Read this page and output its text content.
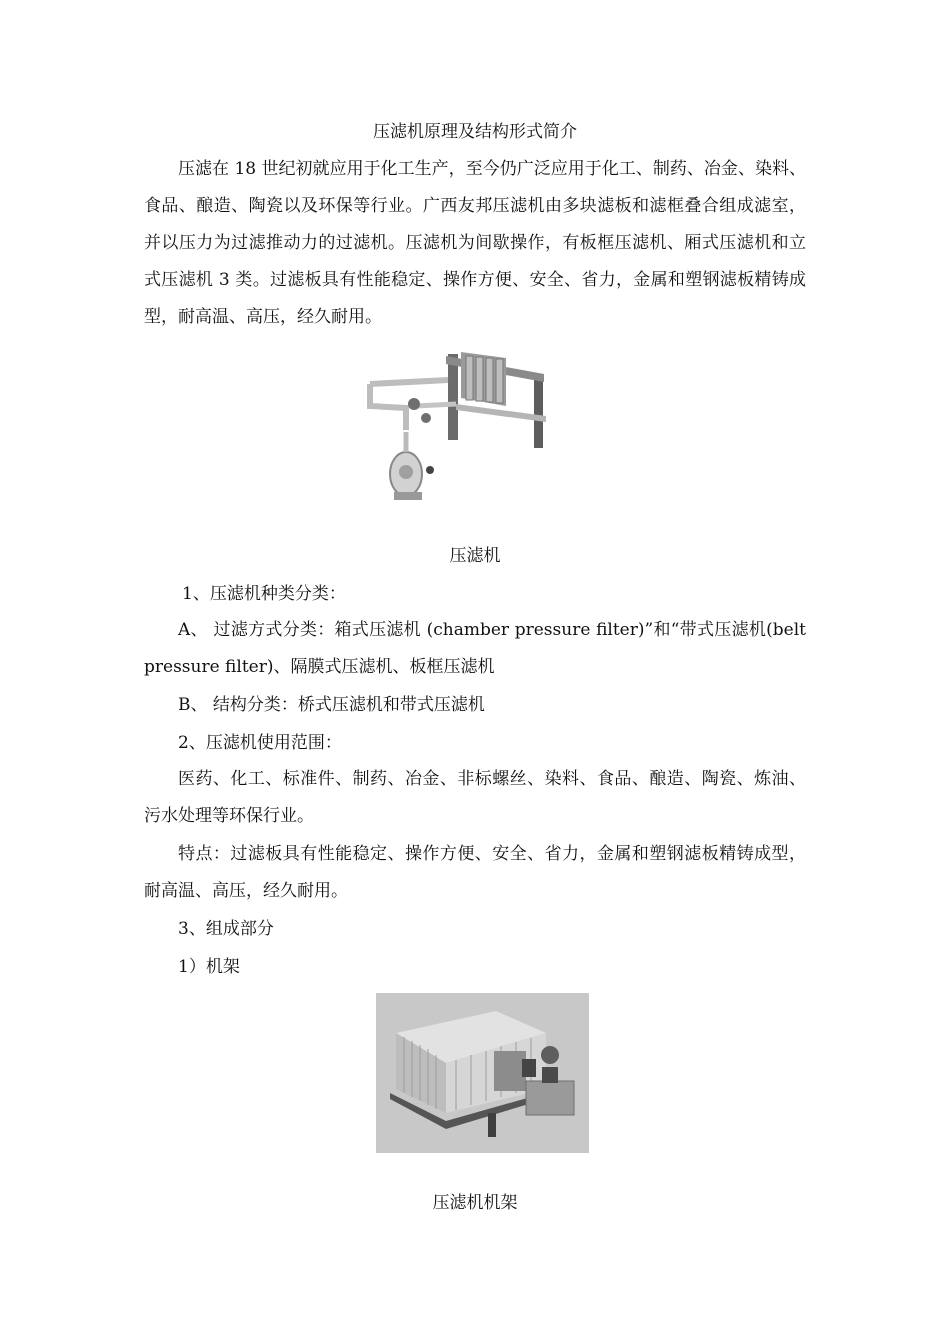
压滤机原理及结构形式简介

压滤在 18 世纪初就应用于化工生产，至今仍广泛应用于化工、制药、冶金、染料、食品、酿造、陶瓷以及环保等行业。广西友邦压滤机由多块滤板和滤框叠合组成滤室，并以压力为过滤推动力的过滤机。压滤机为间歇操作，有板框压滤机、厢式压滤机和立式压滤机 3 类。过滤板具有性能稳定、操作方便、安全、省力，金属和塑钢滤板精铸成型，耐高温、高压，经久耐用。

压滤机
1、压滤机种类分类：

A、 过滤方式分类：箱式压滤机 (chamber pressure filter)”和“带式压滤机(belt pressure filter)、隔膜式压滤机、板框压滤机

B、 结构分类：桥式压滤机和带式压滤机
2、压滤机使用范围：

医药、化工、标准件、制药、冶金、非标螺丝、染料、食品、酿造、陶瓷、炼油、污水处理等环保行业。

特点：过滤板具有性能稳定、操作方便、安全、省力，金属和塑钢滤板精铸成型，耐高温、高压，经久耐用。

3、组成部分
1）机架
压滤机机架
